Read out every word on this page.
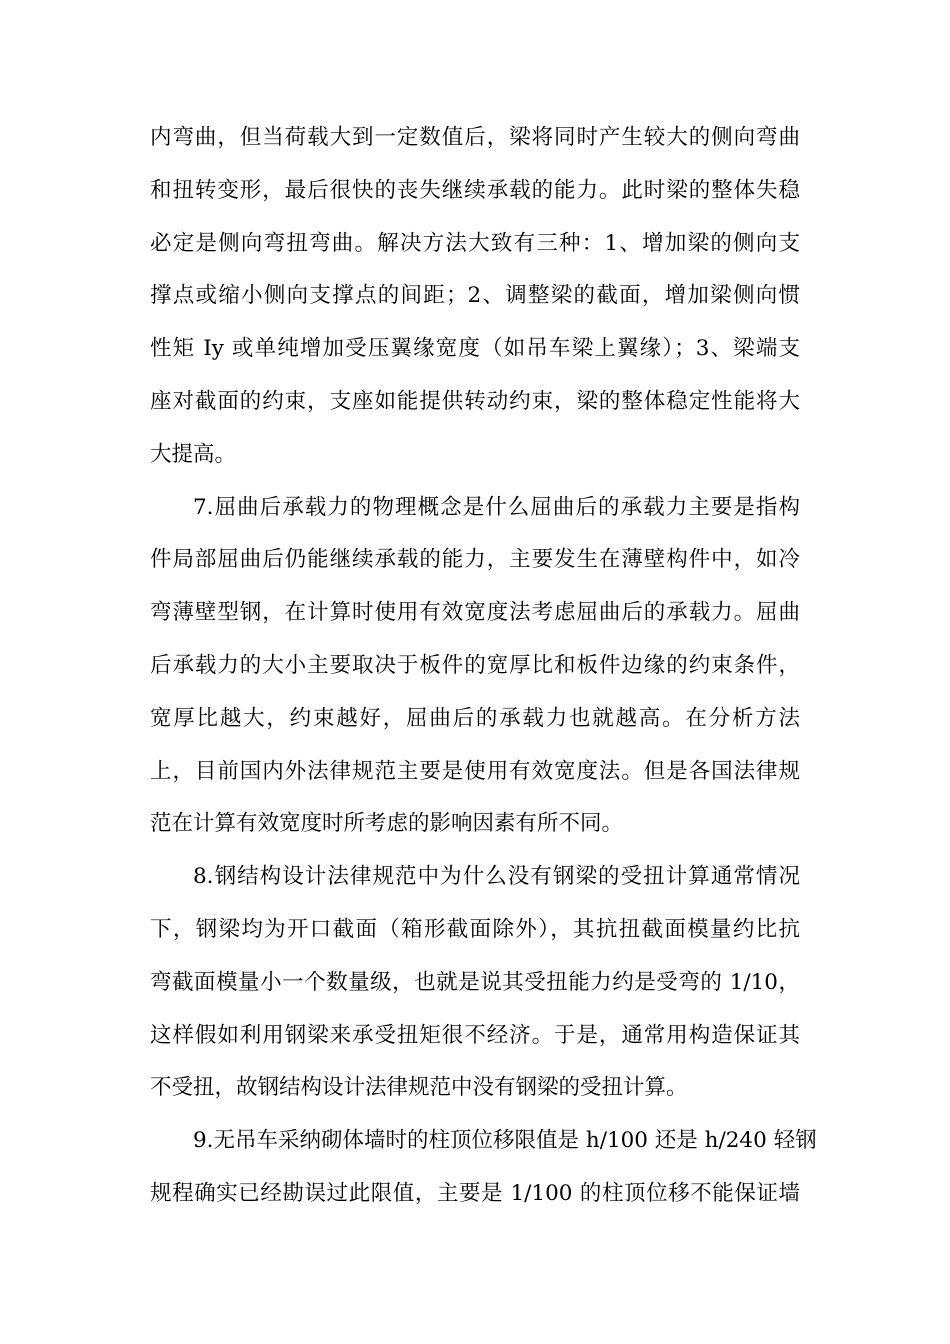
内弯曲，但当荷载大到一定数值后，梁将同时产生较大的侧向弯曲
和扭转变形，最后很快的丧失继续承载的能力。此时梁的整体失稳
必定是侧向弯扭弯曲。解决方法大致有三种：1、增加梁的侧向支
撑点或缩小侧向支撑点的间距；2、调整梁的截面，增加梁侧向惯
性矩 Iy 或单纯增加受压翼缘宽度（如吊车梁上翼缘）；3、梁端支
座对截面的约束，支座如能提供转动约束，梁的整体稳定性能将大
大提高。
7.屈曲后承载力的物理概念是什么屈曲后的承载力主要是指构
件局部屈曲后仍能继续承载的能力，主要发生在薄壁构件中，如冷
弯薄壁型钢，在计算时使用有效宽度法考虑屈曲后的承载力。屈曲
后承载力的大小主要取决于板件的宽厚比和板件边缘的约束条件，
宽厚比越大，约束越好，屈曲后的承载力也就越高。在分析方法
上，目前国内外法律规范主要是使用有效宽度法。但是各国法律规
范在计算有效宽度时所考虑的影响因素有所不同。
8.钢结构设计法律规范中为什么没有钢梁的受扭计算通常情况
下，钢梁均为开口截面（箱形截面除外），其抗扭截面模量约比抗
弯截面模量小一个数量级，也就是说其受扭能力约是受弯的 1/10，
这样假如利用钢梁来承受扭矩很不经济。于是，通常用构造保证其
不受扭，故钢结构设计法律规范中没有钢梁的受扭计算。
9.无吊车采纳砌体墙时的柱顶位移限值是 h/100 还是 h/240 轻钢
规程确实已经勘误过此限值，主要是 1/100 的柱顶位移不能保证墙
